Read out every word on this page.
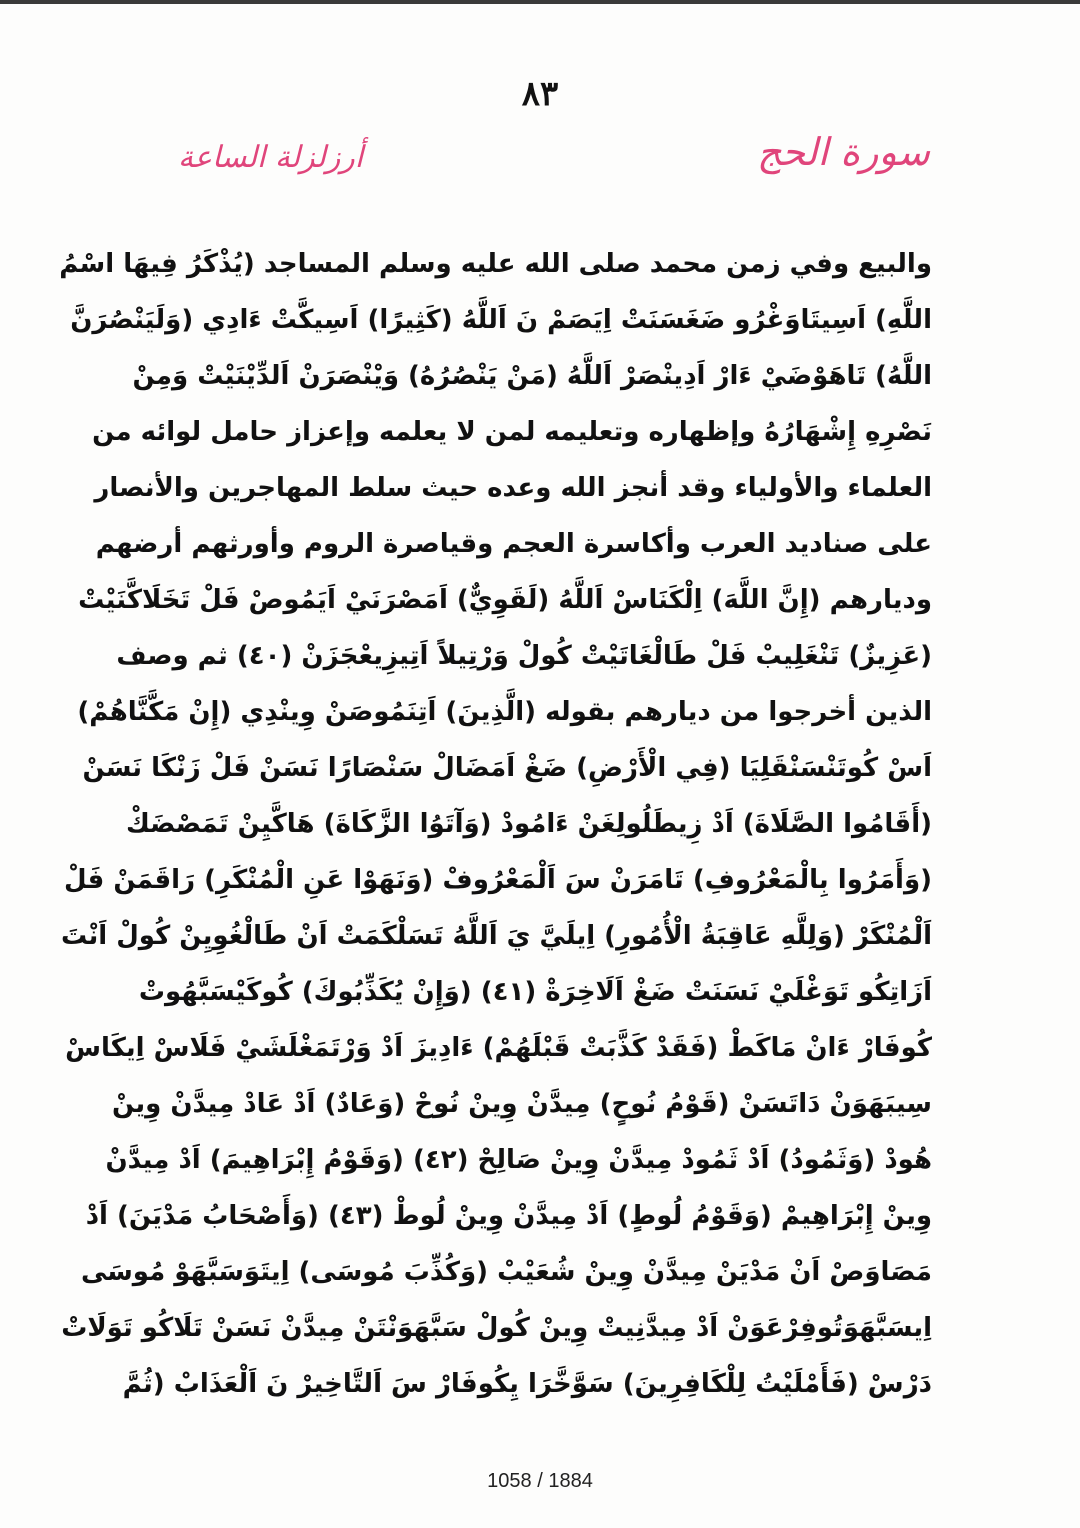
٨٣
سورة الحج
أرزلزلة الساعة
والبيع وفي زمن محمد صلى الله عليه وسلم المساجد (يُذْكَرُ فِيهَا اسْمُ
اللَّهِ) اَسِيتَاوَغْرُو ضَغَسَنَتْ اِيَصَمْ نَ اَللَّهُ (كَثِيرًا) اَسِيكَّتْ ءَادِي (وَلَيَنْصُرَنَّ
اللَّهُ) تَاهَوْضَيْ ءَارْ اَدِينْصَرْ اَللَّهُ (مَنْ يَنْصُرُهُ) وَيْنْصَرَنْ اَلدِّيْنَيْتْ وَمِنْ
نَصْرِهِ إِشْهَارُهُ وإظهاره وتعليمه لمن لا يعلمه وإعزاز حامل لوائه من
العلماء والأولياء وقد أنجز الله وعده حيث سلط المهاجرين والأنصار
على صناديد العرب وأكاسرة العجم وقياصرة الروم وأورثهم أرضهم
وديارهم (إِنَّ اللَّهَ) اِلْكَنَاسْ اَللَّهُ (لَقَوِيٌّ) اَمَصْرَنَيْ اَيَمُوصْ فَلْ تَخَلَاكَّنَيْتْ
(عَزِيزٌ) تَنْغَلِيبْ فَلْ طَالْغَاتَيْتْ كُولْ وَرْتِيلاً اَتِيزِيعْجَزَنْ (٤٠) ثم وصف
الذين أخرجوا من ديارهم بقوله (الَّذِينَ) اَتِنَمُوصَنْ وِينْدِي (إِنْ مَكَّنَّاهُمْ)
اَسْ كُوتَنْسَنْقَلِيَا (فِي الْأَرْضِ) ضَغْ اَمَضَالْ سَنْصَارًا نَسَنْ فَلْ زَنْكَا نَسَنْ
(أَقَامُوا الصَّلَاةَ) اَدْ زِيطَلُولِغَنْ ءَامُودْ (وَآتَوُا الزَّكَاةَ) هَاكَّيِنْ تَمَصْضَكْ
(وَأَمَرُوا بِالْمَعْرُوفِ) تَامَرَنْ سَ اَلْمَعْرُوفْ (وَنَهَوْا عَنِ الْمُنْكَرِ) رَاقَمَنْ فَلْ
اَلْمُنْكَرْ (وَلِلَّهِ عَاقِبَةُ الْأُمُورِ) اِيلَيَّ يَ اَللَّهُ تَسَلْكَمَتْ اَنْ طَالْغُوِيِنْ كُولْ اَنْتَ
اَزَاتِكُو تَوَغْلَيْ نَسَنَتْ ضَغْ اَلَاخِرَةْ (٤١) (وَإِنْ يُكَذِّبُوكَ) كُوكَيْسَبَّهُوتْ
كُوفَارْ ءَانْ مَاكَطْ (فَقَدْ كَذَّبَتْ قَبْلَهُمْ) ءَادِيزَ اَدْ وَرْتَمَغْلَشَيْ فَلَاسْ اِيكَاسْ
سِيبَهَوَنْ دَاتَسَنْ (قَوْمُ نُوحٍ) مِيدَّنْ وِينْ نُوحْ (وَعَادٌ) اَدْ عَادْ مِيدَّنْ وِينْ
هُودْ (وَثَمُودُ) اَدْ ثَمُودْ مِيدَّنْ وِينْ صَالِحْ (٤٢) (وَقَوْمُ إِبْرَاهِيمَ) اَدْ مِيدَّنْ
وِينْ إِبْرَاهِيمْ (وَقَوْمُ لُوطٍ) اَدْ مِيدَّنْ وِينْ لُوطْ (٤٣) (وَأَصْحَابُ مَدْيَنَ) اَدْ
مَصَاوَصْ اَنْ مَدْيَنْ مِيدَّنْ وِينْ شُعَيْبْ (وَكُذِّبَ مُوسَى) اِيتَوَسَبَّهَوْ مُوسَى
اِيسَبَّهَوَتُوفِرْعَوَنْ اَدْ مِيدَّنِيتْ وِينْ كُولْ سَبَّهَوَنْتَنْ مِيدَّنْ نَسَنْ تَلَاكُو تَوَلَاتْ
دَرْسْ (فَأَمْلَيْتُ لِلْكَافِرِينَ) سَوَّخَّرَا يِكُوفَارْ سَ اَلتَّاخِيرْ نَ اَلْعَذَابْ (ثُمَّ
1058 / 1884
